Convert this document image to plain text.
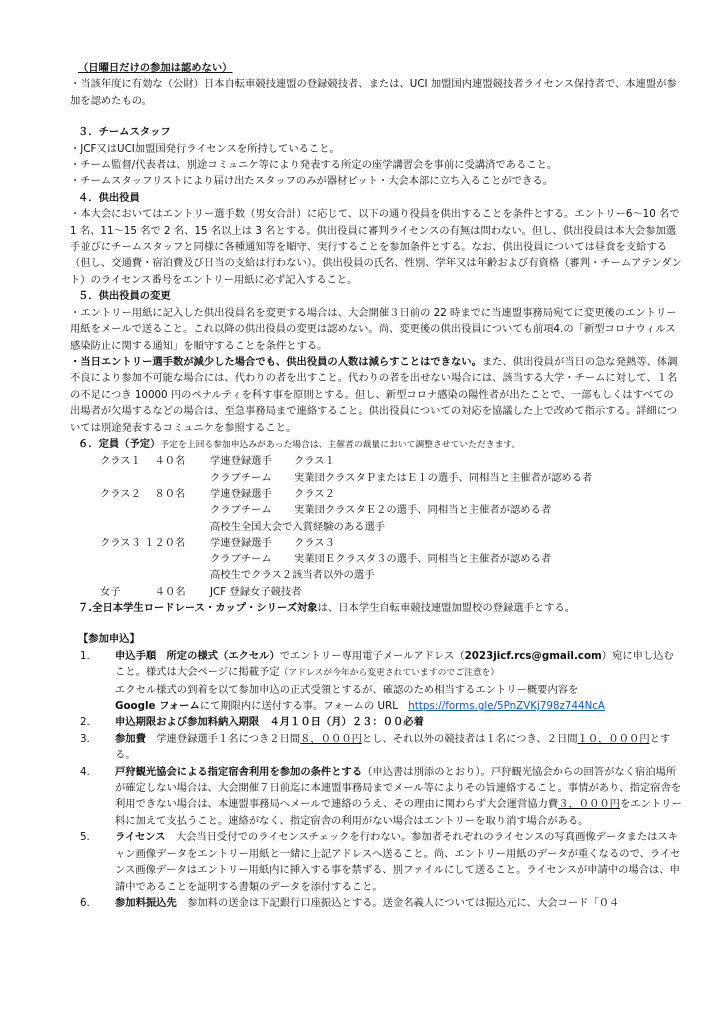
（日曜日だけの参加は認めない）

・当該年度に有効な（公財）日本自転車競技連盟の登録競技者、または、UCI 加盟国内連盟競技者ライセンス保持者で、本連盟が参加を認めたもの。

３．チームスタッフ

・JCF又はUCI加盟国発行ライセンスを所持していること。

・チーム監督/代表者は、別途コミュニケ等により発表する所定の座学講習会を事前に受講済であること。

・チームスタッフリストにより届け出たスタッフのみが器材ピット・大会本部に立ち入ることができる。

４．供出役員

・本大会においてはエントリー選手数（男女合計）に応じて、以下の通り役員を供出することを条件とする。エントリー6～10 名で 1 名、11～15 名で 2 名、15 名以上は 3 名とする。供出役員に審判ライセンスの有無は問わない。但し、供出役員は本大会参加選手並びにチームスタッフと同様に各種通知等を順守、実行することを参加条件とする。なお、供出役員については昼食を支給する（但し、交通費・宿泊費及び日当の支給は行わない）。供出役員の氏名、性別、学年又は年齢および有資格（審判・チームアテンダント）のライセンス番号をエントリー用紙に必ず記入すること。

５．供出役員の変更

・エントリー用紙に記入した供出役員名を変更する場合は、大会開催３日前の 22 時までに当連盟事務局宛てに変更後のエントリー用紙をメールで送ること。これ以降の供出役員の変更は認めない。尚、変更後の供出役員についても前項4.の「新型コロナウィルス感染防止に関する通知」を順守することを条件とする。

・当日エントリー選手数が減少した場合でも、供出役員の人数は減らすことはできない。また、供出役員が当日の急な発熱等、体調不良により参加不可能な場合には、代わりの者を出すこと。代わりの者を出せない場合には、該当する大学・チームに対して、１名の不足につき 10000 円のペナルティを科す事を原則とする。但し、新型コロナ感染の陽性者が出たことで、一部もしくはすべての出場者が欠場するなどの場合は、至急事務局まで連絡すること。供出役員についての対応を協議した上で改めて指示する。詳細については別途発表するコミュニケを参照すること。

６．定員（予定）予定を上回る参加申込みがあった場合は、主催者の裁量において調整させていただきます。

クラス１　 ４０名	学連登録選手	クラス１
クラブチーム	実業団クラスタＰまたはＥ１の選手、同相当と主催者が認める者
クラス２　 ８０名	学連登録選手	クラス２
クラブチーム	実業団クラスタＥ２の選手、同相当と主催者が認める者
高校生全国大会で入賞経験のある選手
クラス３ １２０名	学連登録選手	クラス３
クラブチーム	実業団Ｅクラスタ３の選手、同相当と主催者が認める者
高校生でクラス２該当者以外の選手
女子　　　 ４０名	JCF 登録女子競技者

７.全日本学生ロードレース・カップ・シリーズ対象は、日本学生自転車競技連盟加盟校の登録選手とする。

【参加申込】

1.	申込手順　所定の様式（エクセル）でエントリー専用電子メールアドレス（2023jicf.rcs@gmail.com）宛に申し込むこと。様式は大会ページに掲載予定（アドレスが今年から変更されていますのでご注意を）
エクセル様式の到着を以て参加申込の正式受領とするが、確認のため相当するエントリー概要内容を
Google フォームにて期限内に送付する事。フォームの URL　https://forms.gle/5PnZVKj798z744NcA
2.	申込期限および参加料納入期限　 ４月１０日（月）２３：００必着
3.	参加費　 学連登録選手１名につき２日間８，０００円とし、それ以外の競技者は１名につき、２日間１０，０００円とする。
4.	戸狩観光協会による指定宿舎利用を参加の条件とする（申込書は別添のとおり）。戸狩観光協会からの回答がなく宿泊場所が確定しない場合は、大会開催７日前迄に本連盟事務局までメール等によりその旨連絡すること。事情があり、指定宿舎を利用できない場合は、本連盟事務局へメールで連絡のうえ、その理由に関わらず大会運営協力費３，０００円をエントリー料に加えて支払うこと。連絡がなく、指定宿舎の利用がない場合はエントリーを取り消す場合がある。
5.	ライセンス　 大会当日受付でのライセンスチェックを行わない。参加者それぞれのライセンスの写真画像データまたはスキャン画像データをエントリー用紙と一緒に上記アドレスへ送ること。尚、エントリー用紙のデータが重くなるので、ライセンス画像データはエントリー用紙内に挿入する事を禁ずる、別ファイルにして送ること。ライセンスが申請中の場合は、申請中であることを証明する書類のデータを添付すること。
6.	参加料振込先　 参加料の送金は下記銀行口座振込とする。送金名義人については振込元に、大会コード「０４
